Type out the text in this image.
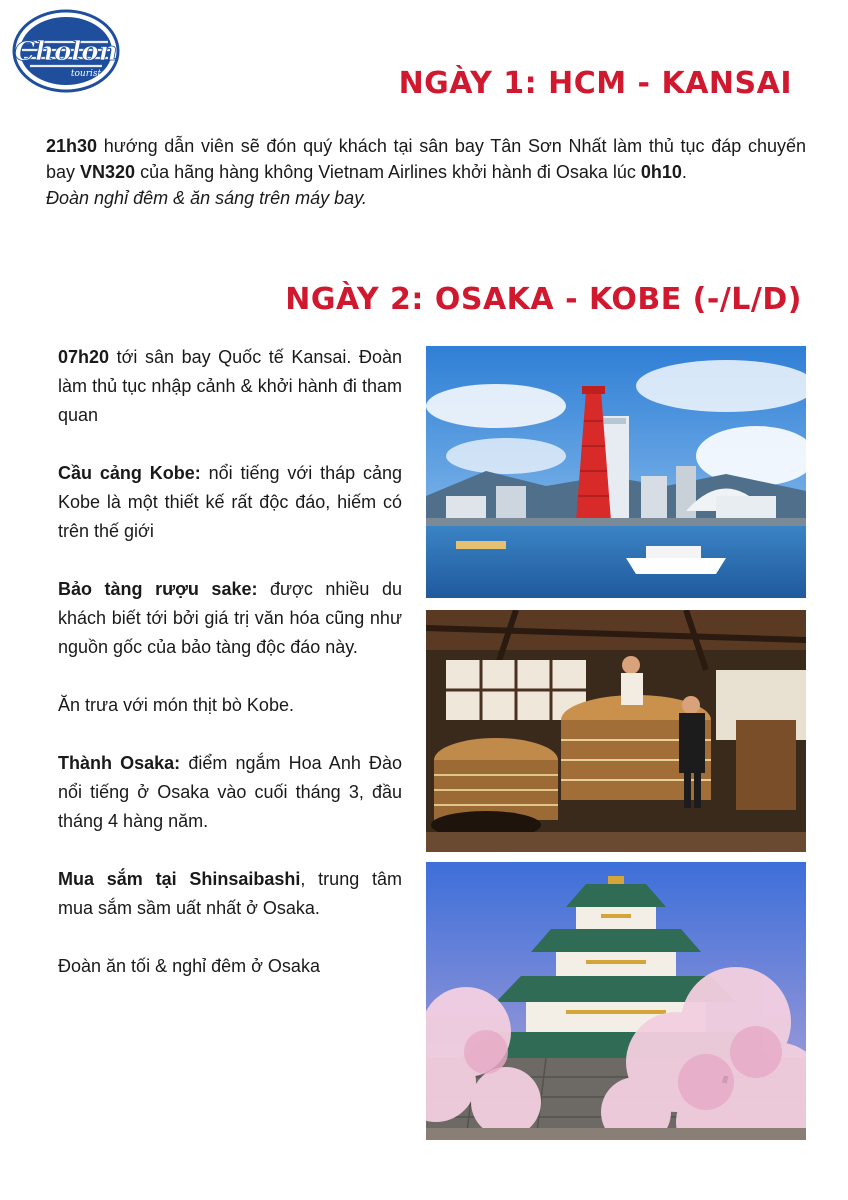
Cholon
tourist	NGÀY 1: HCM - KANSAI

21h30 hướng dẫn viên sẽ đón quý khách tại sân bay Tân Sơn Nhất làm thủ tục đáp chuyến bay VN320 của hãng hàng không Vietnam Airlines khởi hành đi Osaka lúc 0h10.

Đoàn nghỉ đêm & ăn sáng trên máy bay.

NGÀY 2: OSAKA - KOBE (-/L/D)

07h20 tới sân bay Quốc tế Kansai. Đoàn làm thủ tục nhập cảnh & khởi hành đi tham quan

Cầu cảng Kobe: nổi tiếng với tháp cảng Kobe là một thiết kế rất độc đáo, hiếm có trên thế giới

Bảo tàng rượu sake: được nhiều du khách biết tới bởi giá trị văn hóa cũng như nguồn gốc của bảo tàng độc đáo này.

Ăn trưa với món thịt bò Kobe.

Thành Osaka: điểm ngắm Hoa Anh Đào nổi tiếng ở Osaka vào cuối tháng 3, đầu tháng 4 hàng năm.

Mua sắm tại Shinsaibashi, trung tâm mua sắm sầm uất nhất ở Osaka.

Đoàn ăn tối & nghỉ đêm ở Osaka
